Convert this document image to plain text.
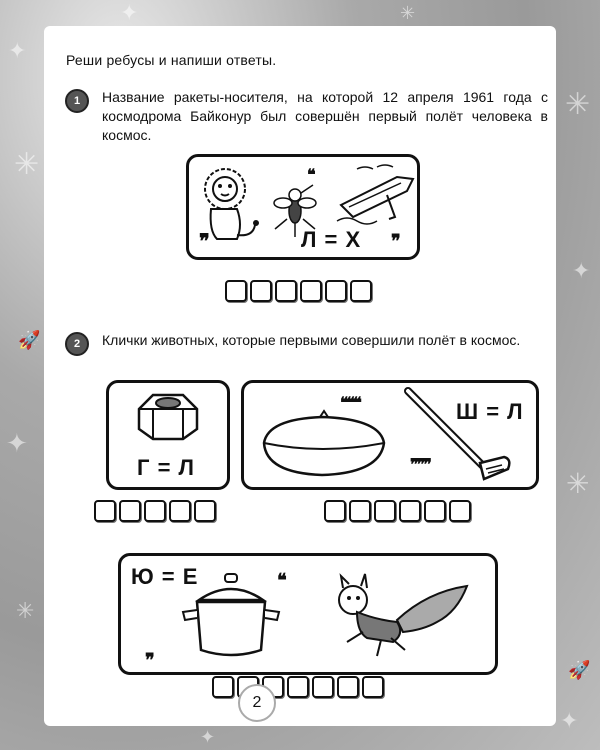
✦
✳
✦
✳
✳
✦
✳
✦
✦	✳
✦
🚀
🚀
Реши ребусы и напиши ответы.
1	Название ракеты-носителя, на которой 12 апреля 1961 года с космодрома Байконур был совершён первый полёт человека в космос.
❞
❞
Л = Х ❞
2	Клички животных, которые первыми совершили полёт в космос.
Г = Л
❞❞❞
Ш = Л
❞❞❞
Ю = Е	❞
❞
2
